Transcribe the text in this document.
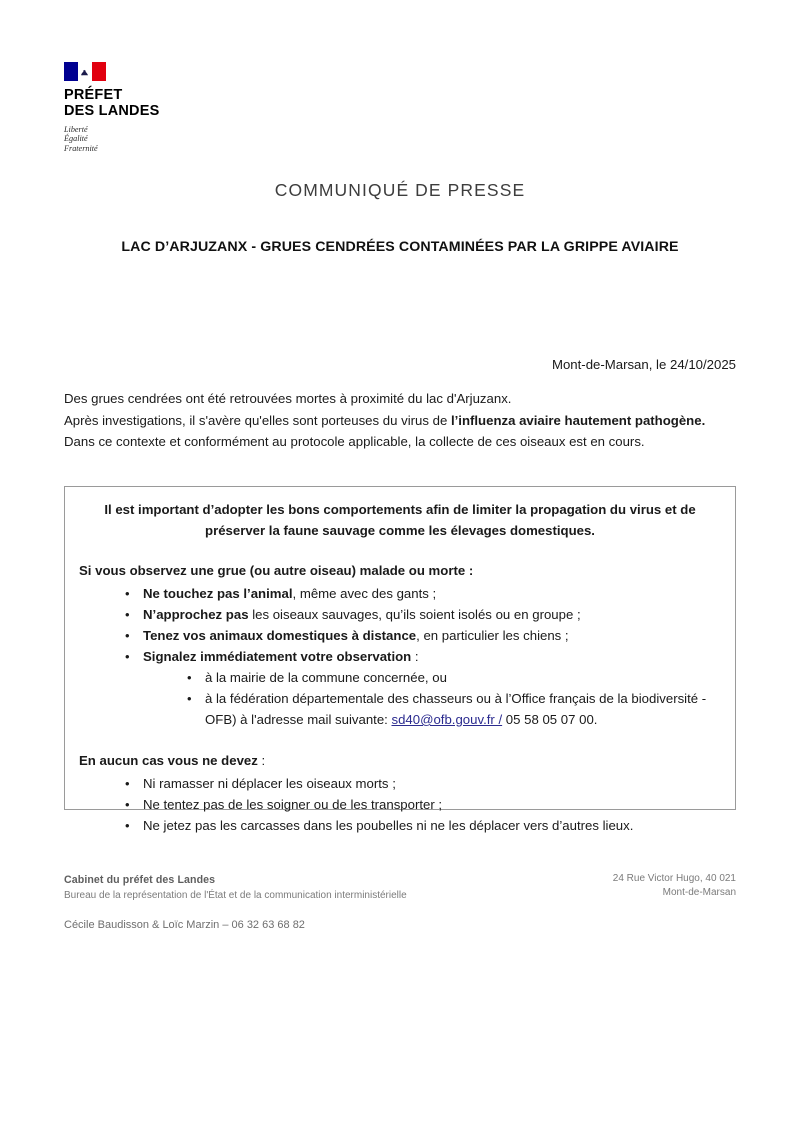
PRÉFET
DES LANDES
Liberté
Égalité
Fraternité
COMMUNIQUÉ DE PRESSE
LAC D’ARJUZANX - GRUES CENDRÉES CONTAMINÉES PAR LA GRIPPE AVIAIRE
Mont-de-Marsan, le 24/10/2025

Des grues cendrées ont été retrouvées mortes à proximité du lac d'Arjuzanx.

Après investigations, il s'avère qu'elles sont porteuses du virus de l’influenza aviaire hautement pathogène.

Dans ce contexte et conformément au protocole applicable, la collecte de ces oiseaux est en cours.

Il est important d’adopter les bons comportements afin de limiter la propagation du virus et de préserver la faune sauvage comme les élevages domestiques.
Si vous observez une grue (ou autre oiseau) malade ou morte :
• Ne touchez pas l’animal, même avec des gants ;
• N’approchez pas les oiseaux sauvages, qu’ils soient isolés ou en groupe ;
• Tenez vos animaux domestiques à distance, en particulier les chiens ;
• Signalez immédiatement votre observation :
• à la mairie de la commune concernée, ou
• à la fédération départementale des chasseurs ou à l’Office français de la biodiversité - OFB) à l'adresse mail suivante: sd40@ofb.gouv.fr / 05 58 05 07 00.
En aucun cas vous ne devez :
• Ni ramasser ni déplacer les oiseaux morts ;
• Ne tentez pas de les soigner ou de les transporter ;
• Ne jetez pas les carcasses dans les poubelles ni ne les déplacer vers d’autres lieux.
Cabinet du préfet des Landes
Bureau de la représentation de l'État et de la communication interministérielle
Cécile Baudisson & Loïc Marzin – 06 32 63 68 82
24 Rue Victor Hugo, 40 021
Mont-de-Marsan
